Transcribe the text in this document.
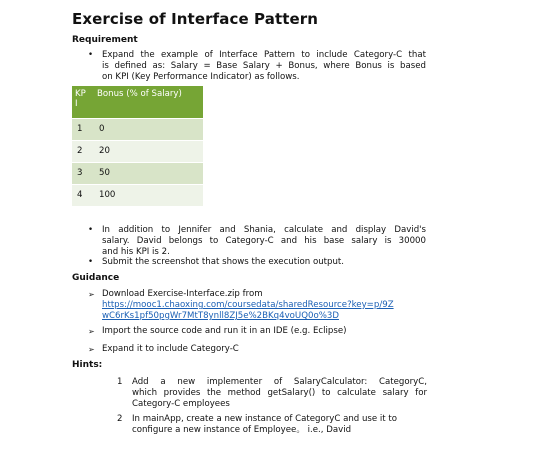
Exercise of Interface Pattern
Requirement
•	Expand the example of Interface Pattern to include Category-C that
is defined as: Salary = Base Salary + Bonus, where Bonus is based
on KPI (Key Performance Indicator) as follows.
KP
I	Bonus (% of Salary)

1	0
2	20
3	50
4	100
•	In addition to Jennifer and Shania, calculate and display David's
salary. David belongs to Category-C and his base salary is 30000
and his KPI is 2.
•	Submit the screenshot that shows the execution output.
Guidance
➢ Download Exercise-Interface.zip from
https://mooc1.chaoxing.com/coursedata/sharedResource?key=p/9Z
wC6rKs1pf50pgWr7MtT8ynll8ZJ5e%2BKq4voUQ0o%3D
➢ Import the source code and run it in an IDE (e.g. Eclipse)
➢ Expand it to include Category-C
Hints:
1	Add a new implementer of SalaryCalculator: CategoryC,
which provides the method getSalary() to calculate salary for
Category-C employees
2	In mainApp, create a new instance of CategoryC and use it to
configure a new instance of Employee。 i.e., David
